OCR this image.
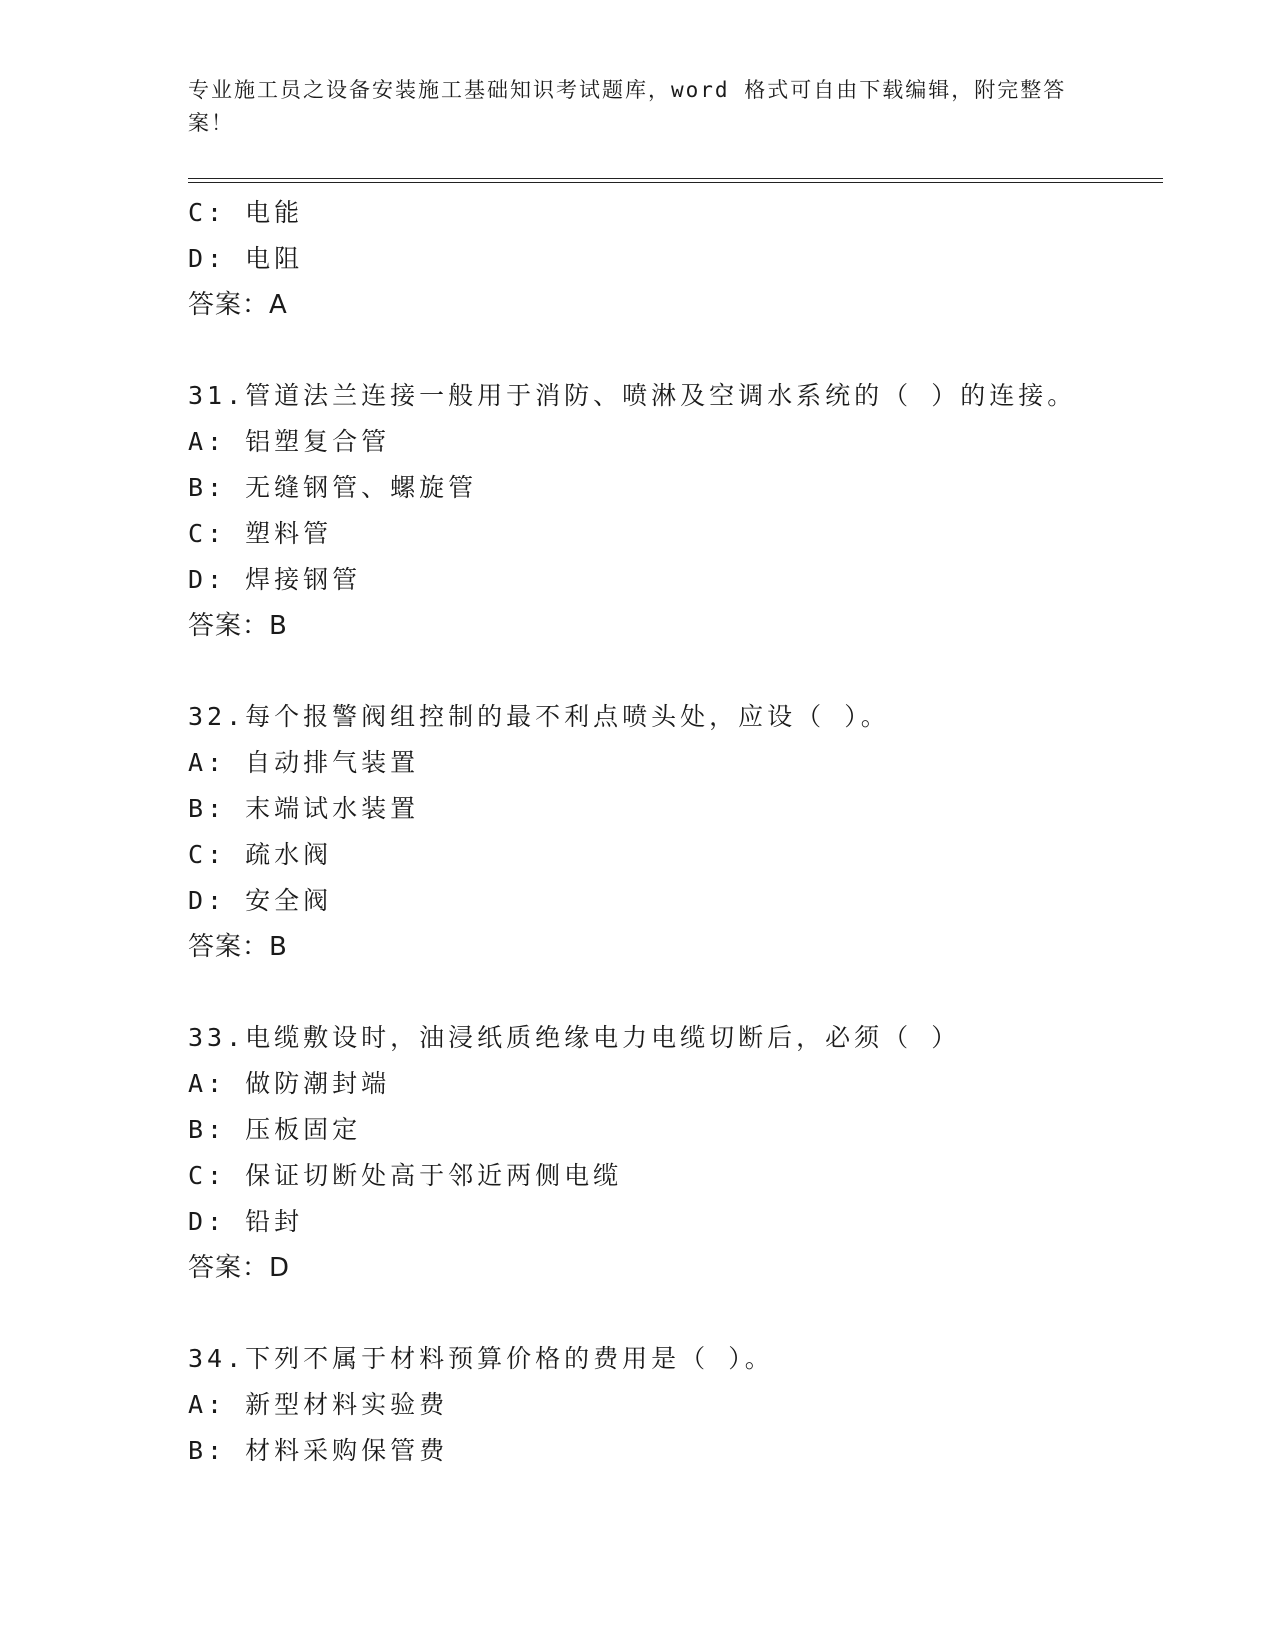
专业施工员之设备安装施工基础知识考试题库，word 格式可自由下载编辑，附完整答案！
C: 电能
D: 电阻
答案：A
31.管道法兰连接一般用于消防、喷淋及空调水系统的（ ）的连接。
A: 铝塑复合管
B: 无缝钢管、螺旋管
C: 塑料管
D: 焊接钢管
答案：B
32.每个报警阀组控制的最不利点喷头处，应设（ ）。
A: 自动排气装置
B: 末端试水装置
C: 疏水阀
D: 安全阀
答案：B
33.电缆敷设时，油浸纸质绝缘电力电缆切断后，必须（ ）
A: 做防潮封端
B: 压板固定
C: 保证切断处高于邻近两侧电缆
D: 铅封
答案：D
34.下列不属于材料预算价格的费用是（ ）。
A: 新型材料实验费
B: 材料采购保管费
